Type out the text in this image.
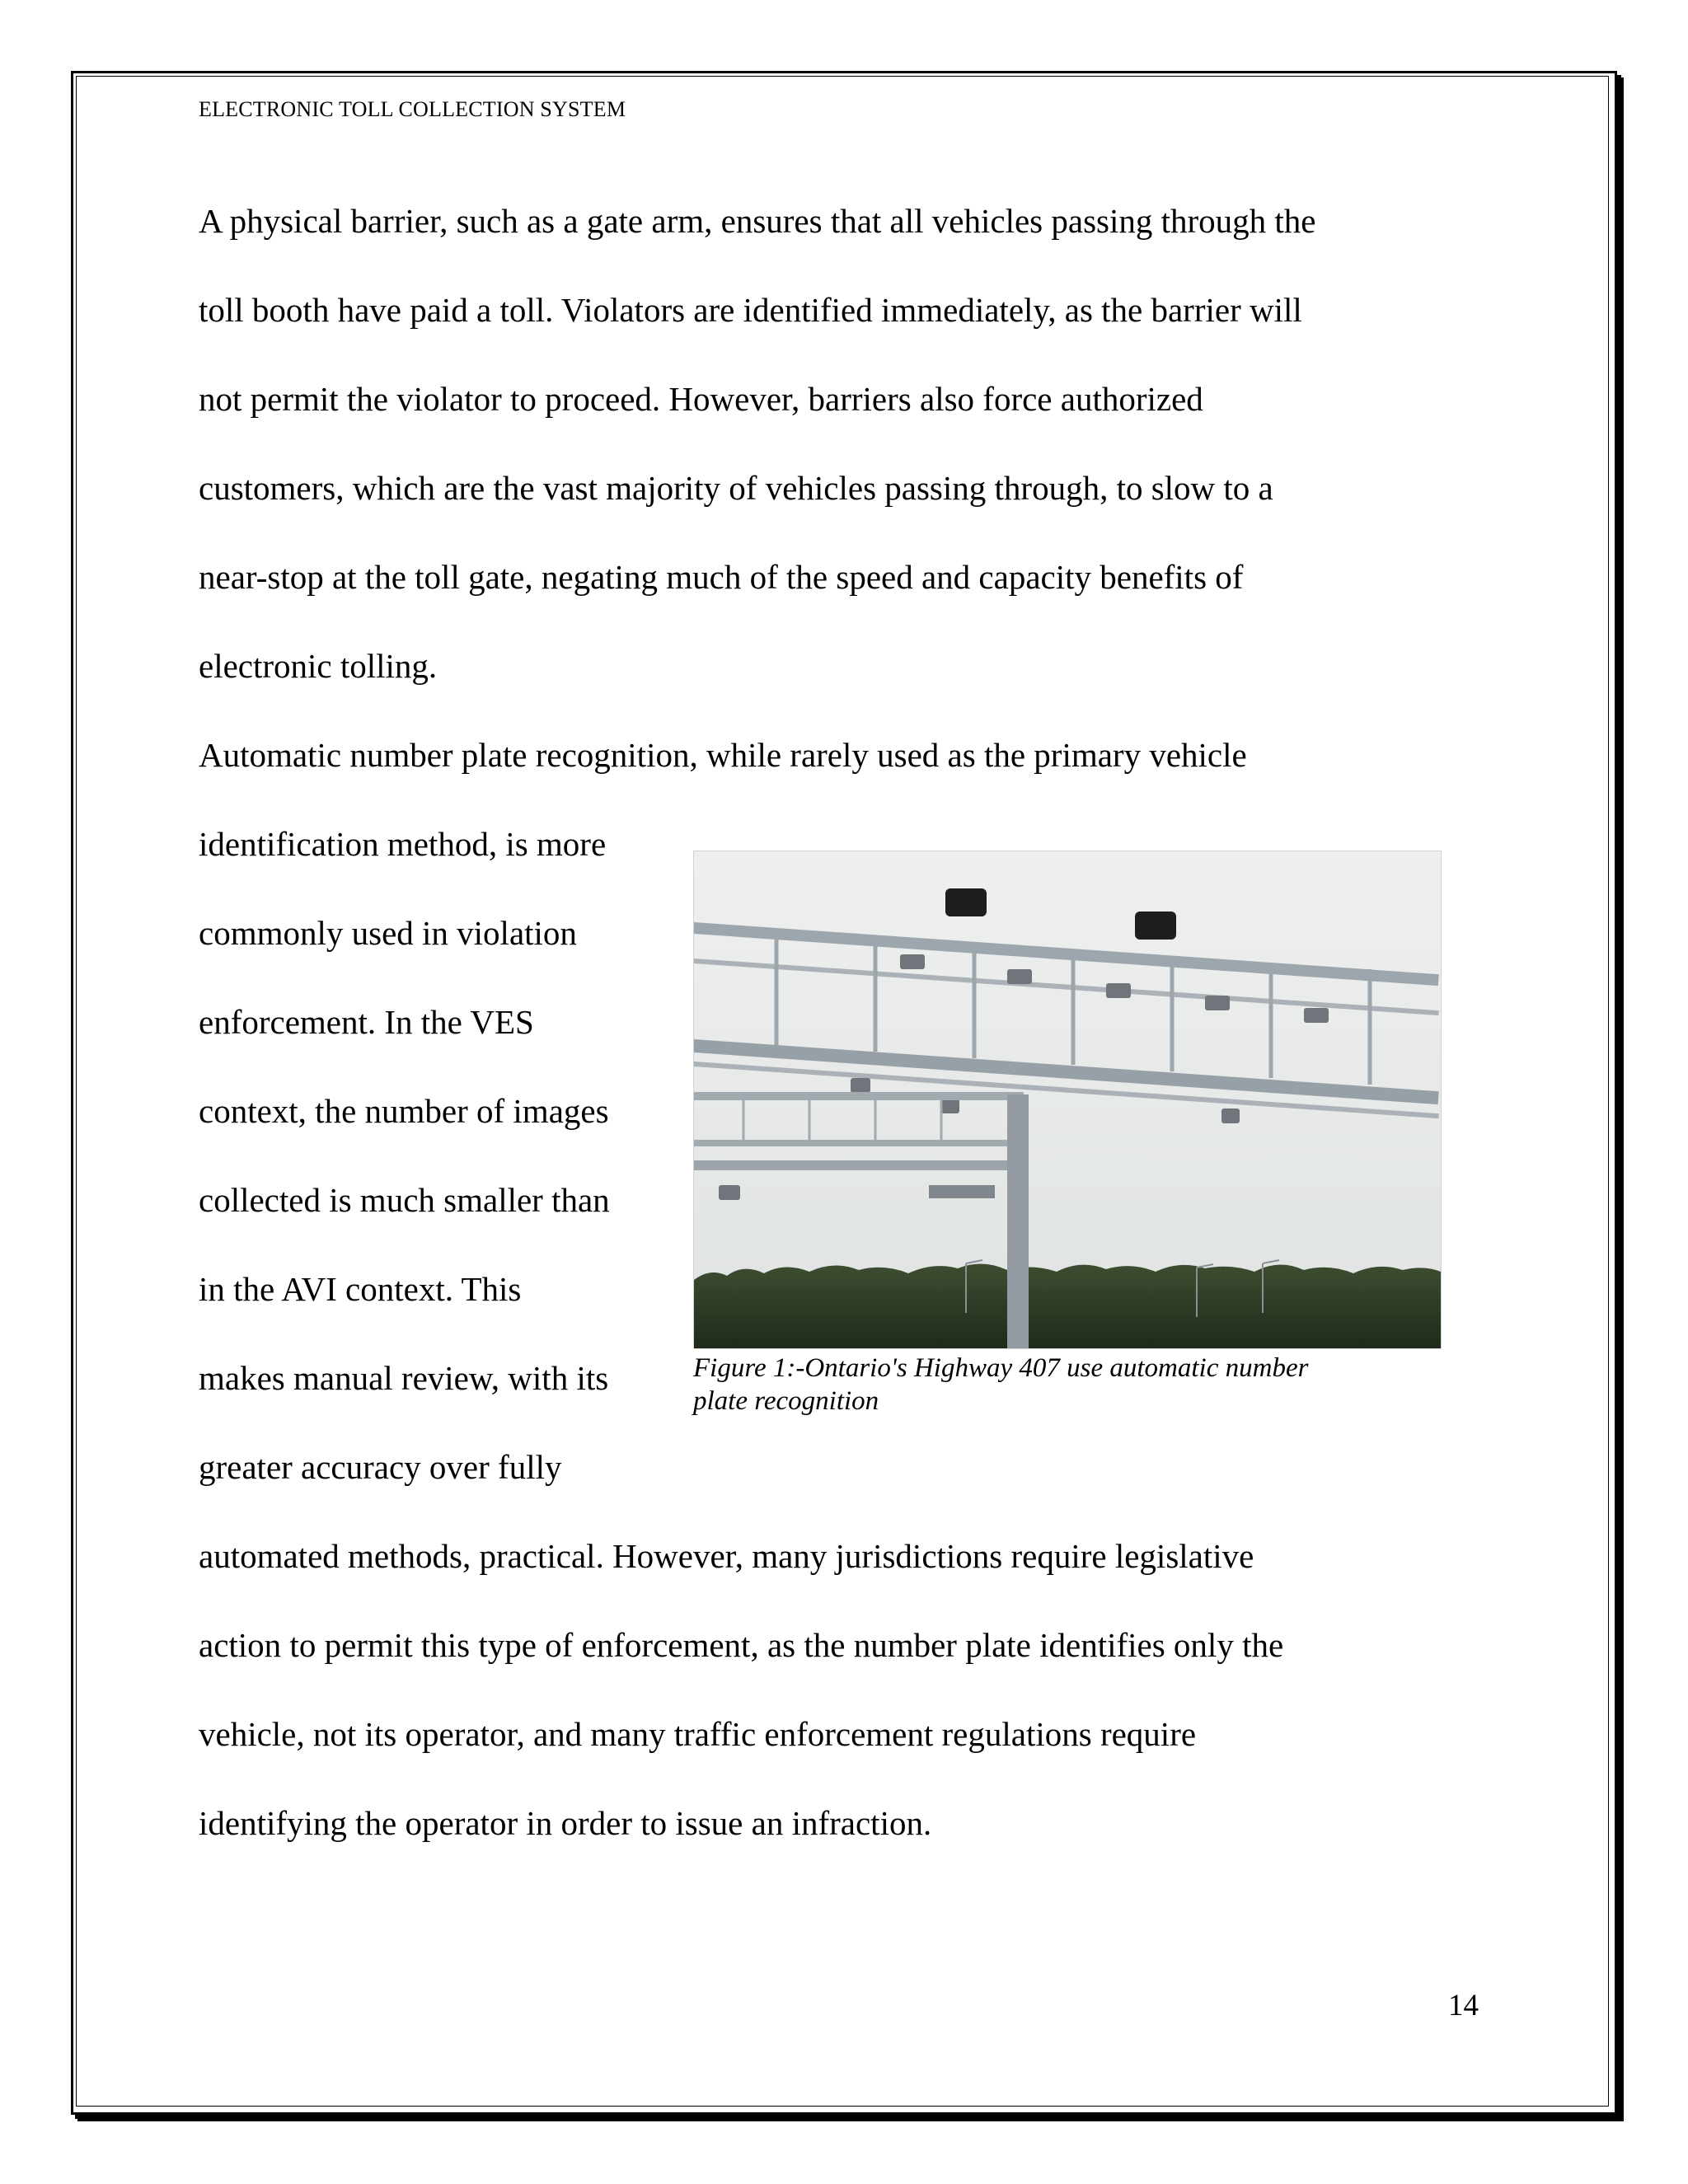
ELECTRONIC TOLL COLLECTION SYSTEM
A physical barrier, such as a gate arm, ensures that all vehicles passing through the
toll booth have paid a toll. Violators are identified immediately, as the barrier will
not permit the violator to proceed. However, barriers also force authorized
customers, which are the vast majority of vehicles passing through, to slow to a
near-stop at the toll gate, negating much of the speed and capacity benefits of
electronic tolling.
Automatic number plate recognition, while rarely used as the primary vehicle
identification method, is more
commonly used in violation
enforcement. In the VES
context, the number of images
collected is much smaller than
in the AVI context. This
makes manual review, with its
greater accuracy over fully
automated methods, practical. However, many jurisdictions require legislative
action to permit this type of enforcement, as the number plate identifies only the
vehicle, not its operator, and many traffic enforcement regulations require
identifying the operator in order to issue an infraction.
Figure 1:-Ontario's Highway 407 use automatic number
plate recognition
14
